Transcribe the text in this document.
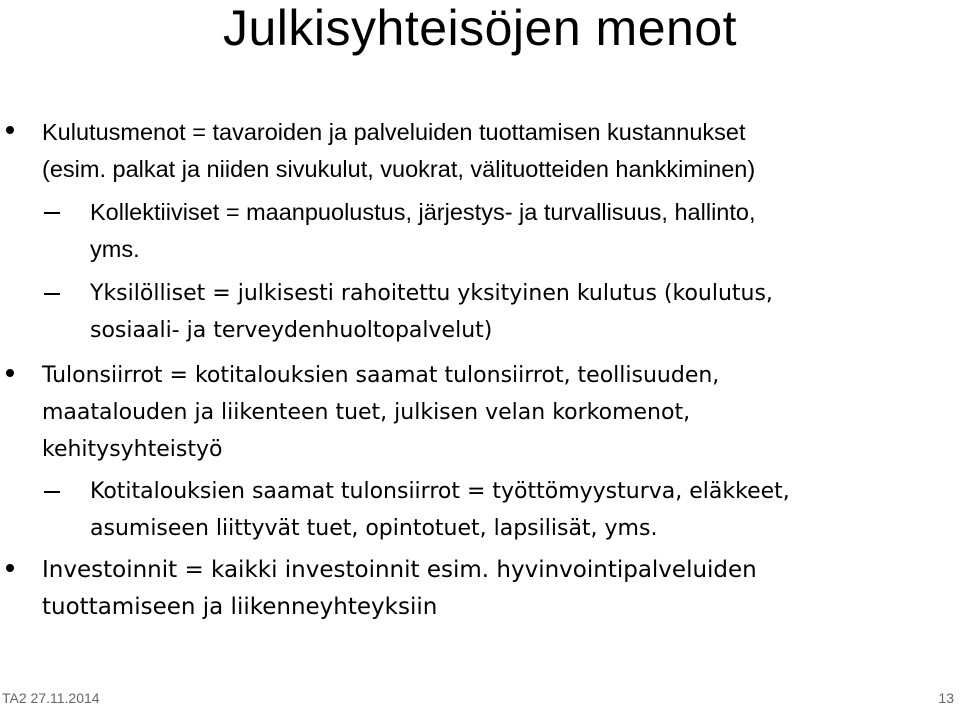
Julkisyhteisöjen menot
Kulutusmenot = tavaroiden ja palveluiden tuottamisen kustannukset
(esim. palkat ja niiden sivukulut, vuokrat, välituotteiden hankkiminen)
Kollektiiviset = maanpuolustus, järjestys- ja turvallisuus, hallinto,
yms.
Yksilölliset = julkisesti rahoitettu yksityinen kulutus (koulutus,
sosiaali- ja terveydenhuoltopalvelut)
Tulonsiirrot = kotitalouksien saamat tulonsiirrot, teollisuuden,
maatalouden ja liikenteen tuet, julkisen velan korkomenot,
kehitysyhteistyö
Kotitalouksien saamat tulonsiirrot = työttömyysturva, eläkkeet,
asumiseen liittyvät tuet, opintotuet, lapsilisät, yms.
Investoinnit = kaikki investoinnit esim. hyvinvointipalveluiden
tuottamiseen ja liikenneyhteyksiin
TA2 27.11.2014	13
